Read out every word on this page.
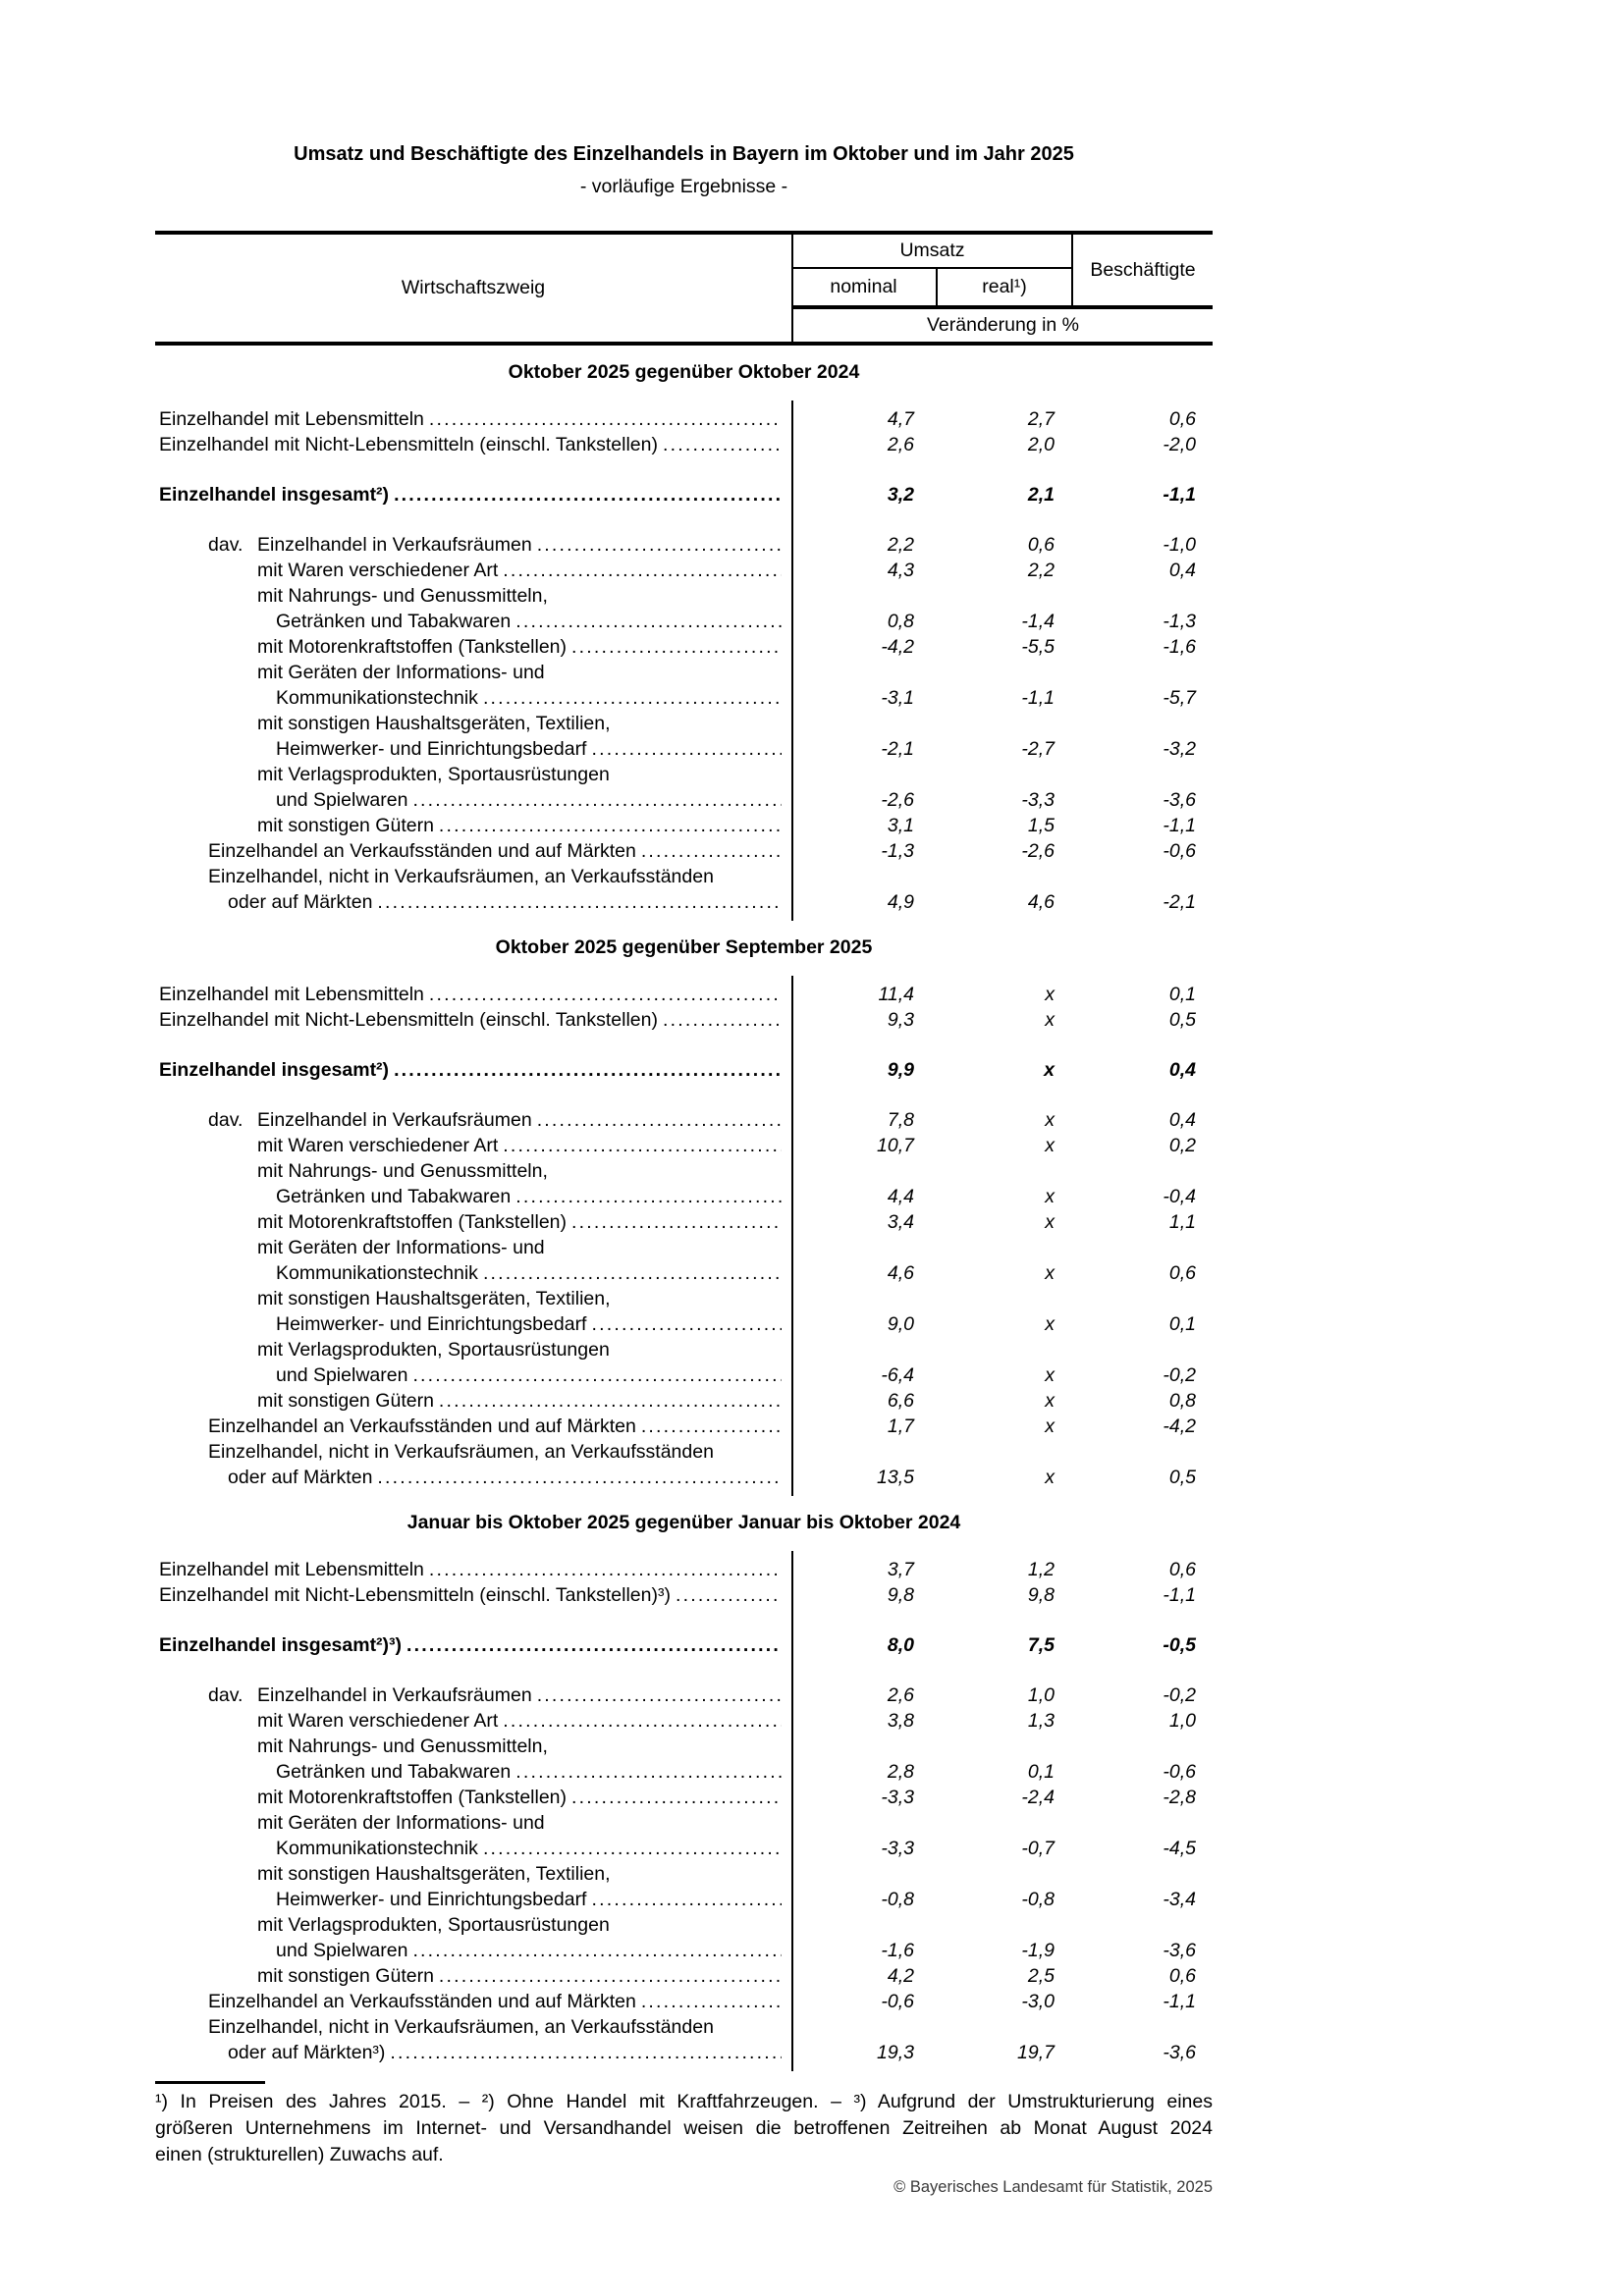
Umsatz und Beschäftigte des Einzelhandels in Bayern im Oktober und im Jahr 2025
- vorläufige Ergebnisse -
Wirtschaftszweig
Umsatz
nominal	real¹)
Beschäftigte
Veränderung in %
Oktober 2025 gegenüber Oktober 2024
Einzelhandel mit Lebensmitteln .....	4,7	2,7	0,6
Einzelhandel mit Nicht-Lebensmitteln (einschl. Tankstellen) .....	2,6	2,0	-2,0
Einzelhandel insgesamt²) .....	3,2	2,1	-1,1
dav. Einzelhandel in Verkaufsräumen .....	2,2	0,6	-1,0
mit Waren verschiedener Art .....	4,3	2,2	0,4
mit Nahrungs- und Genussmitteln,
Getränken und Tabakwaren .....	0,8	-1,4	-1,3
mit Motorenkraftstoffen (Tankstellen) .....	-4,2	-5,5	-1,6
mit Geräten der Informations- und
Kommunikationstechnik .....	-3,1	-1,1	-5,7
mit sonstigen Haushaltsgeräten, Textilien,
Heimwerker- und Einrichtungsbedarf .....	-2,1	-2,7	-3,2
mit Verlagsprodukten, Sportausrüstungen
und Spielwaren .....	-2,6	-3,3	-3,6
mit sonstigen Gütern .....	3,1	1,5	-1,1
Einzelhandel an Verkaufsständen und auf Märkten .....	-1,3	-2,6	-0,6
Einzelhandel, nicht in Verkaufsräumen, an Verkaufsständen
oder auf Märkten .....	4,9	4,6	-2,1
Oktober 2025 gegenüber September 2025
Einzelhandel mit Lebensmitteln .....	11,4	x	0,1
Einzelhandel mit Nicht-Lebensmitteln (einschl. Tankstellen) .....	9,3	x	0,5
Einzelhandel insgesamt²) .....	9,9	x	0,4
dav. Einzelhandel in Verkaufsräumen .....	7,8	x	0,4
mit Waren verschiedener Art .....	10,7	x	0,2
mit Nahrungs- und Genussmitteln,
Getränken und Tabakwaren .....	4,4	x	-0,4
mit Motorenkraftstoffen (Tankstellen) .....	3,4	x	1,1
mit Geräten der Informations- und
Kommunikationstechnik .....	4,6	x	0,6
mit sonstigen Haushaltsgeräten, Textilien,
Heimwerker- und Einrichtungsbedarf .....	9,0	x	0,1
mit Verlagsprodukten, Sportausrüstungen
und Spielwaren .....	-6,4	x	-0,2
mit sonstigen Gütern .....	6,6	x	0,8
Einzelhandel an Verkaufsständen und auf Märkten .....	1,7	x	-4,2
Einzelhandel, nicht in Verkaufsräumen, an Verkaufsständen
oder auf Märkten .....	13,5	x	0,5
Januar bis Oktober 2025 gegenüber Januar bis Oktober 2024
Einzelhandel mit Lebensmitteln .....	3,7	1,2	0,6
Einzelhandel mit Nicht-Lebensmitteln (einschl. Tankstellen)³) .....	9,8	9,8	-1,1
Einzelhandel insgesamt²)³) .....	8,0	7,5	-0,5
dav. Einzelhandel in Verkaufsräumen .....	2,6	1,0	-0,2
mit Waren verschiedener Art .....	3,8	1,3	1,0
mit Nahrungs- und Genussmitteln,
Getränken und Tabakwaren .....	2,8	0,1	-0,6
mit Motorenkraftstoffen (Tankstellen) .....	-3,3	-2,4	-2,8
mit Geräten der Informations- und
Kommunikationstechnik .....	-3,3	-0,7	-4,5
mit sonstigen Haushaltsgeräten, Textilien,
Heimwerker- und Einrichtungsbedarf .....	-0,8	-0,8	-3,4
mit Verlagsprodukten, Sportausrüstungen
und Spielwaren .....	-1,6	-1,9	-3,6
mit sonstigen Gütern .....	4,2	2,5	0,6
Einzelhandel an Verkaufsständen und auf Märkten .....	-0,6	-3,0	-1,1
Einzelhandel, nicht in Verkaufsräumen, an Verkaufsständen
oder auf Märkten³) .....	19,3	19,7	-3,6
¹) In Preisen des Jahres 2015. – ²) Ohne Handel mit Kraftfahrzeugen. – ³) Aufgrund der Umstrukturierung eines
größeren Unternehmens im Internet- und Versandhandel weisen die betroffenen Zeitreihen ab Monat August 2024
einen (strukturellen) Zuwachs auf.
© Bayerisches Landesamt für Statistik, 2025
